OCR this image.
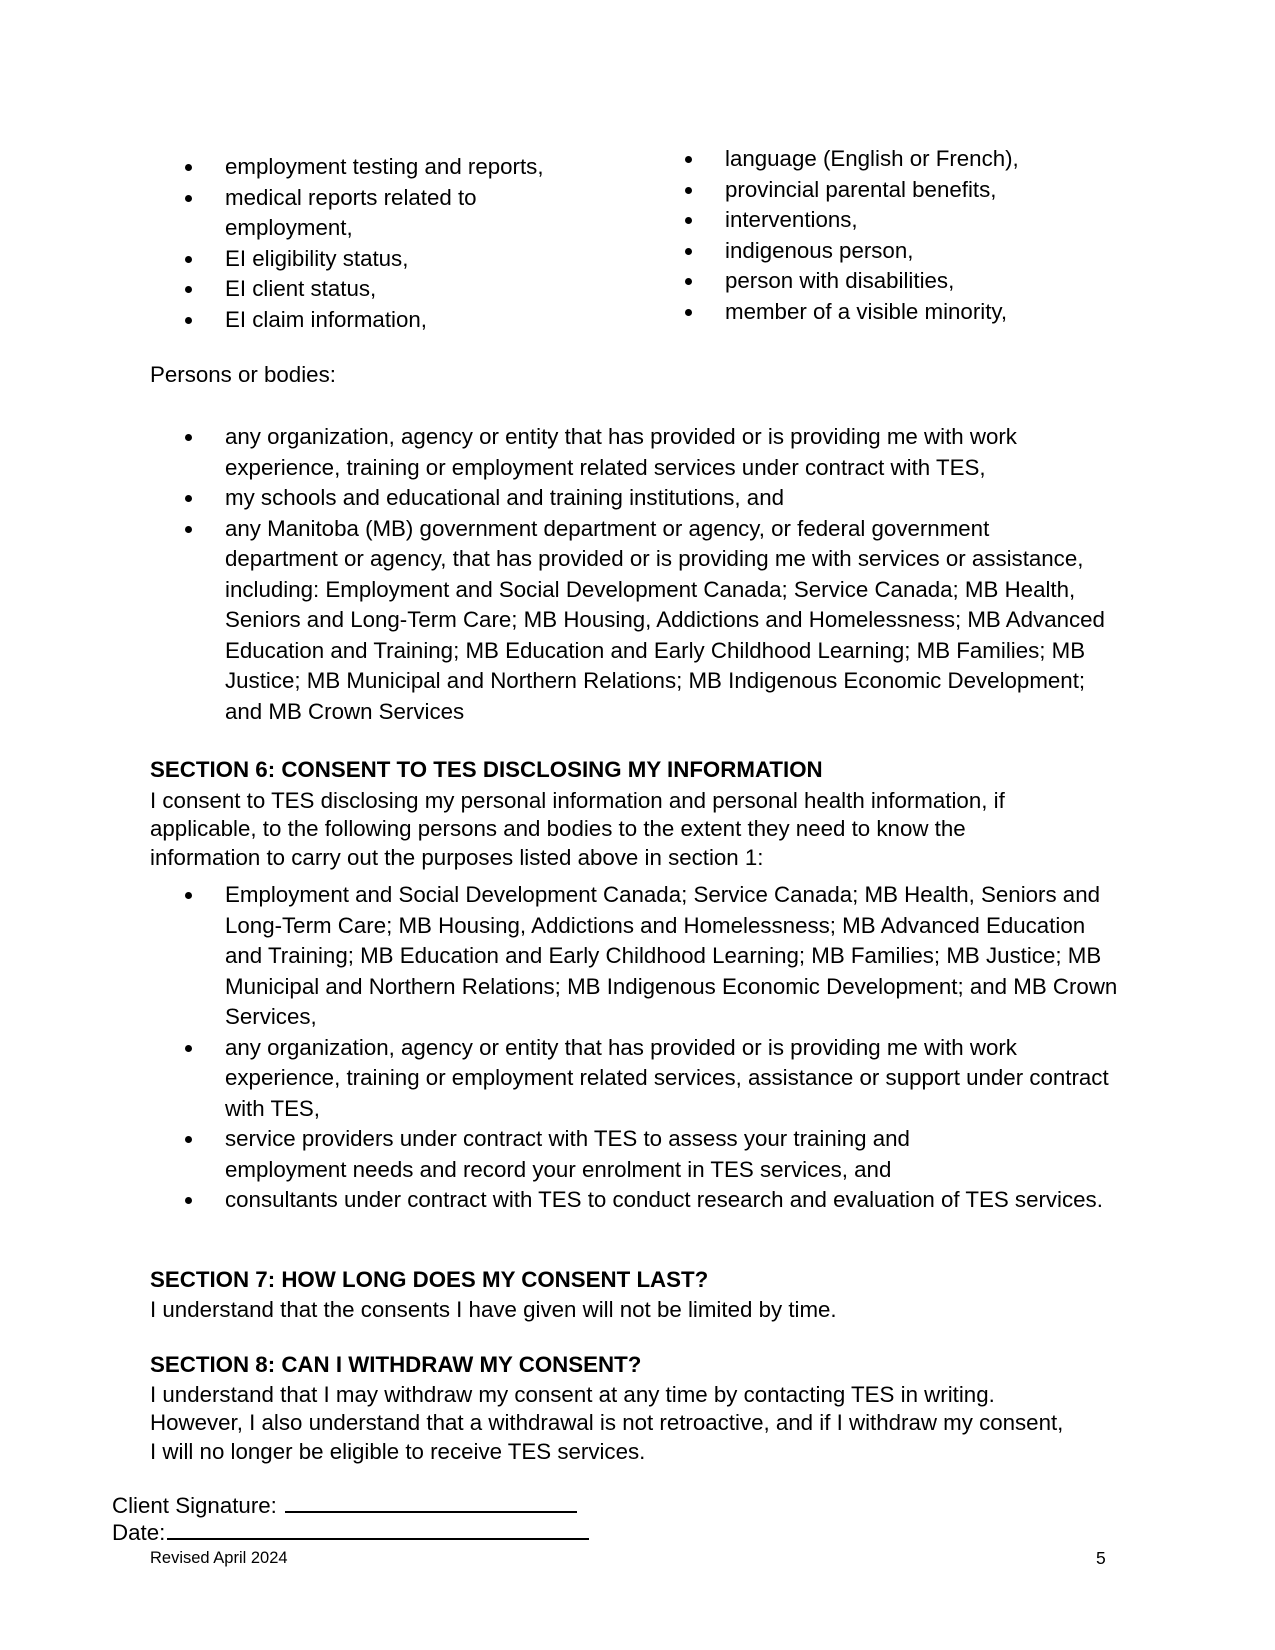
employment testing and reports,
medical reports related to employment,
EI eligibility status,
EI client status,
EI claim information,
language (English or French),
provincial parental benefits,
interventions,
indigenous person,
person with disabilities,
member of a visible minority,
Persons or bodies:
any organization, agency or entity that has provided or is providing me with work experience, training or employment related services under contract with TES,
my schools and educational and training institutions, and
any Manitoba (MB) government department or agency, or federal government department or agency, that has provided or is providing me with services or assistance, including: Employment and Social Development Canada; Service Canada; MB Health, Seniors and Long-Term Care; MB Housing, Addictions and Homelessness; MB Advanced Education and Training; MB Education and Early Childhood Learning; MB Families; MB Justice; MB Municipal and Northern Relations; MB Indigenous Economic Development; and MB Crown Services
SECTION 6: CONSENT TO TES DISCLOSING MY INFORMATION

I consent to TES disclosing my personal information and personal health information, if applicable, to the following persons and bodies to the extent they need to know the information to carry out the purposes listed above in section 1:

Employment and Social Development Canada; Service Canada; MB Health, Seniors and Long-Term Care; MB Housing, Addictions and Homelessness; MB Advanced Education and Training; MB Education and Early Childhood Learning; MB Families; MB Justice; MB Municipal and Northern Relations; MB Indigenous Economic Development; and MB Crown Services,
any organization, agency or entity that has provided or is providing me with work experience, training or employment related services, assistance or support under contract with TES,
service providers under contract with TES to assess your training and employment needs and record your enrolment in TES services, and
consultants under contract with TES to conduct research and evaluation of TES services.
SECTION 7: HOW LONG DOES MY CONSENT LAST?

I understand that the consents I have given will not be limited by time.

SECTION 8: CAN I WITHDRAW MY CONSENT?

I understand that I may withdraw my consent at any time by contacting TES in writing. However, I also understand that a withdrawal is not retroactive, and if I withdraw my consent, I will no longer be eligible to receive TES services.

Client Signature:
Date:
Revised April 2024	5
